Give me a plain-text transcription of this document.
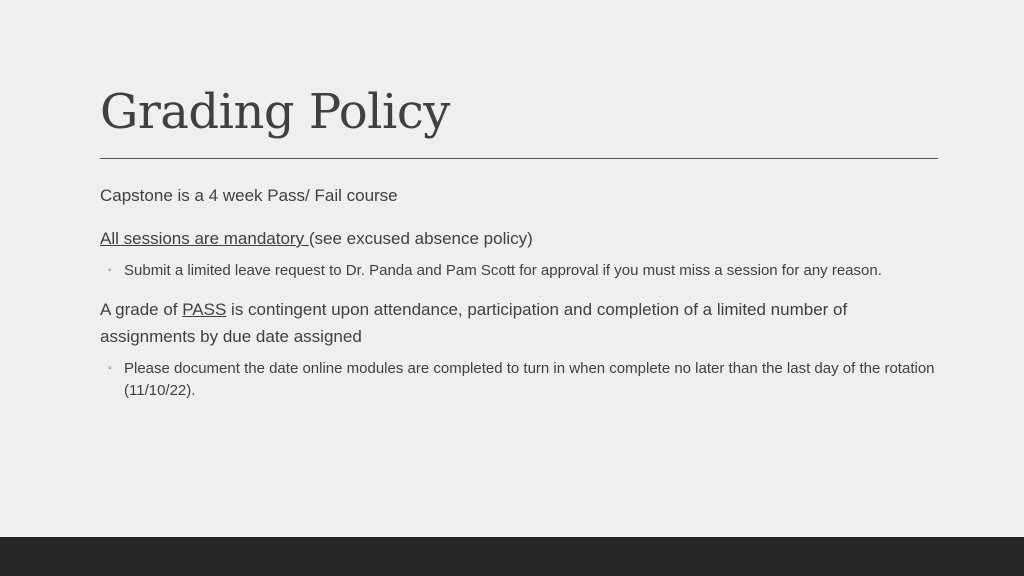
Grading Policy

Capstone is a 4 week Pass/ Fail course

All sessions are mandatory (see excused absence policy)

◦ Submit a limited leave request to Dr. Panda and Pam Scott for approval if you must miss a session for any reason.

A grade of PASS is contingent upon attendance, participation and completion of a limited number of assignments by due date assigned

◦ Please document the date online modules are completed to turn in when complete no later than the last day of the rotation (11/10/22).
